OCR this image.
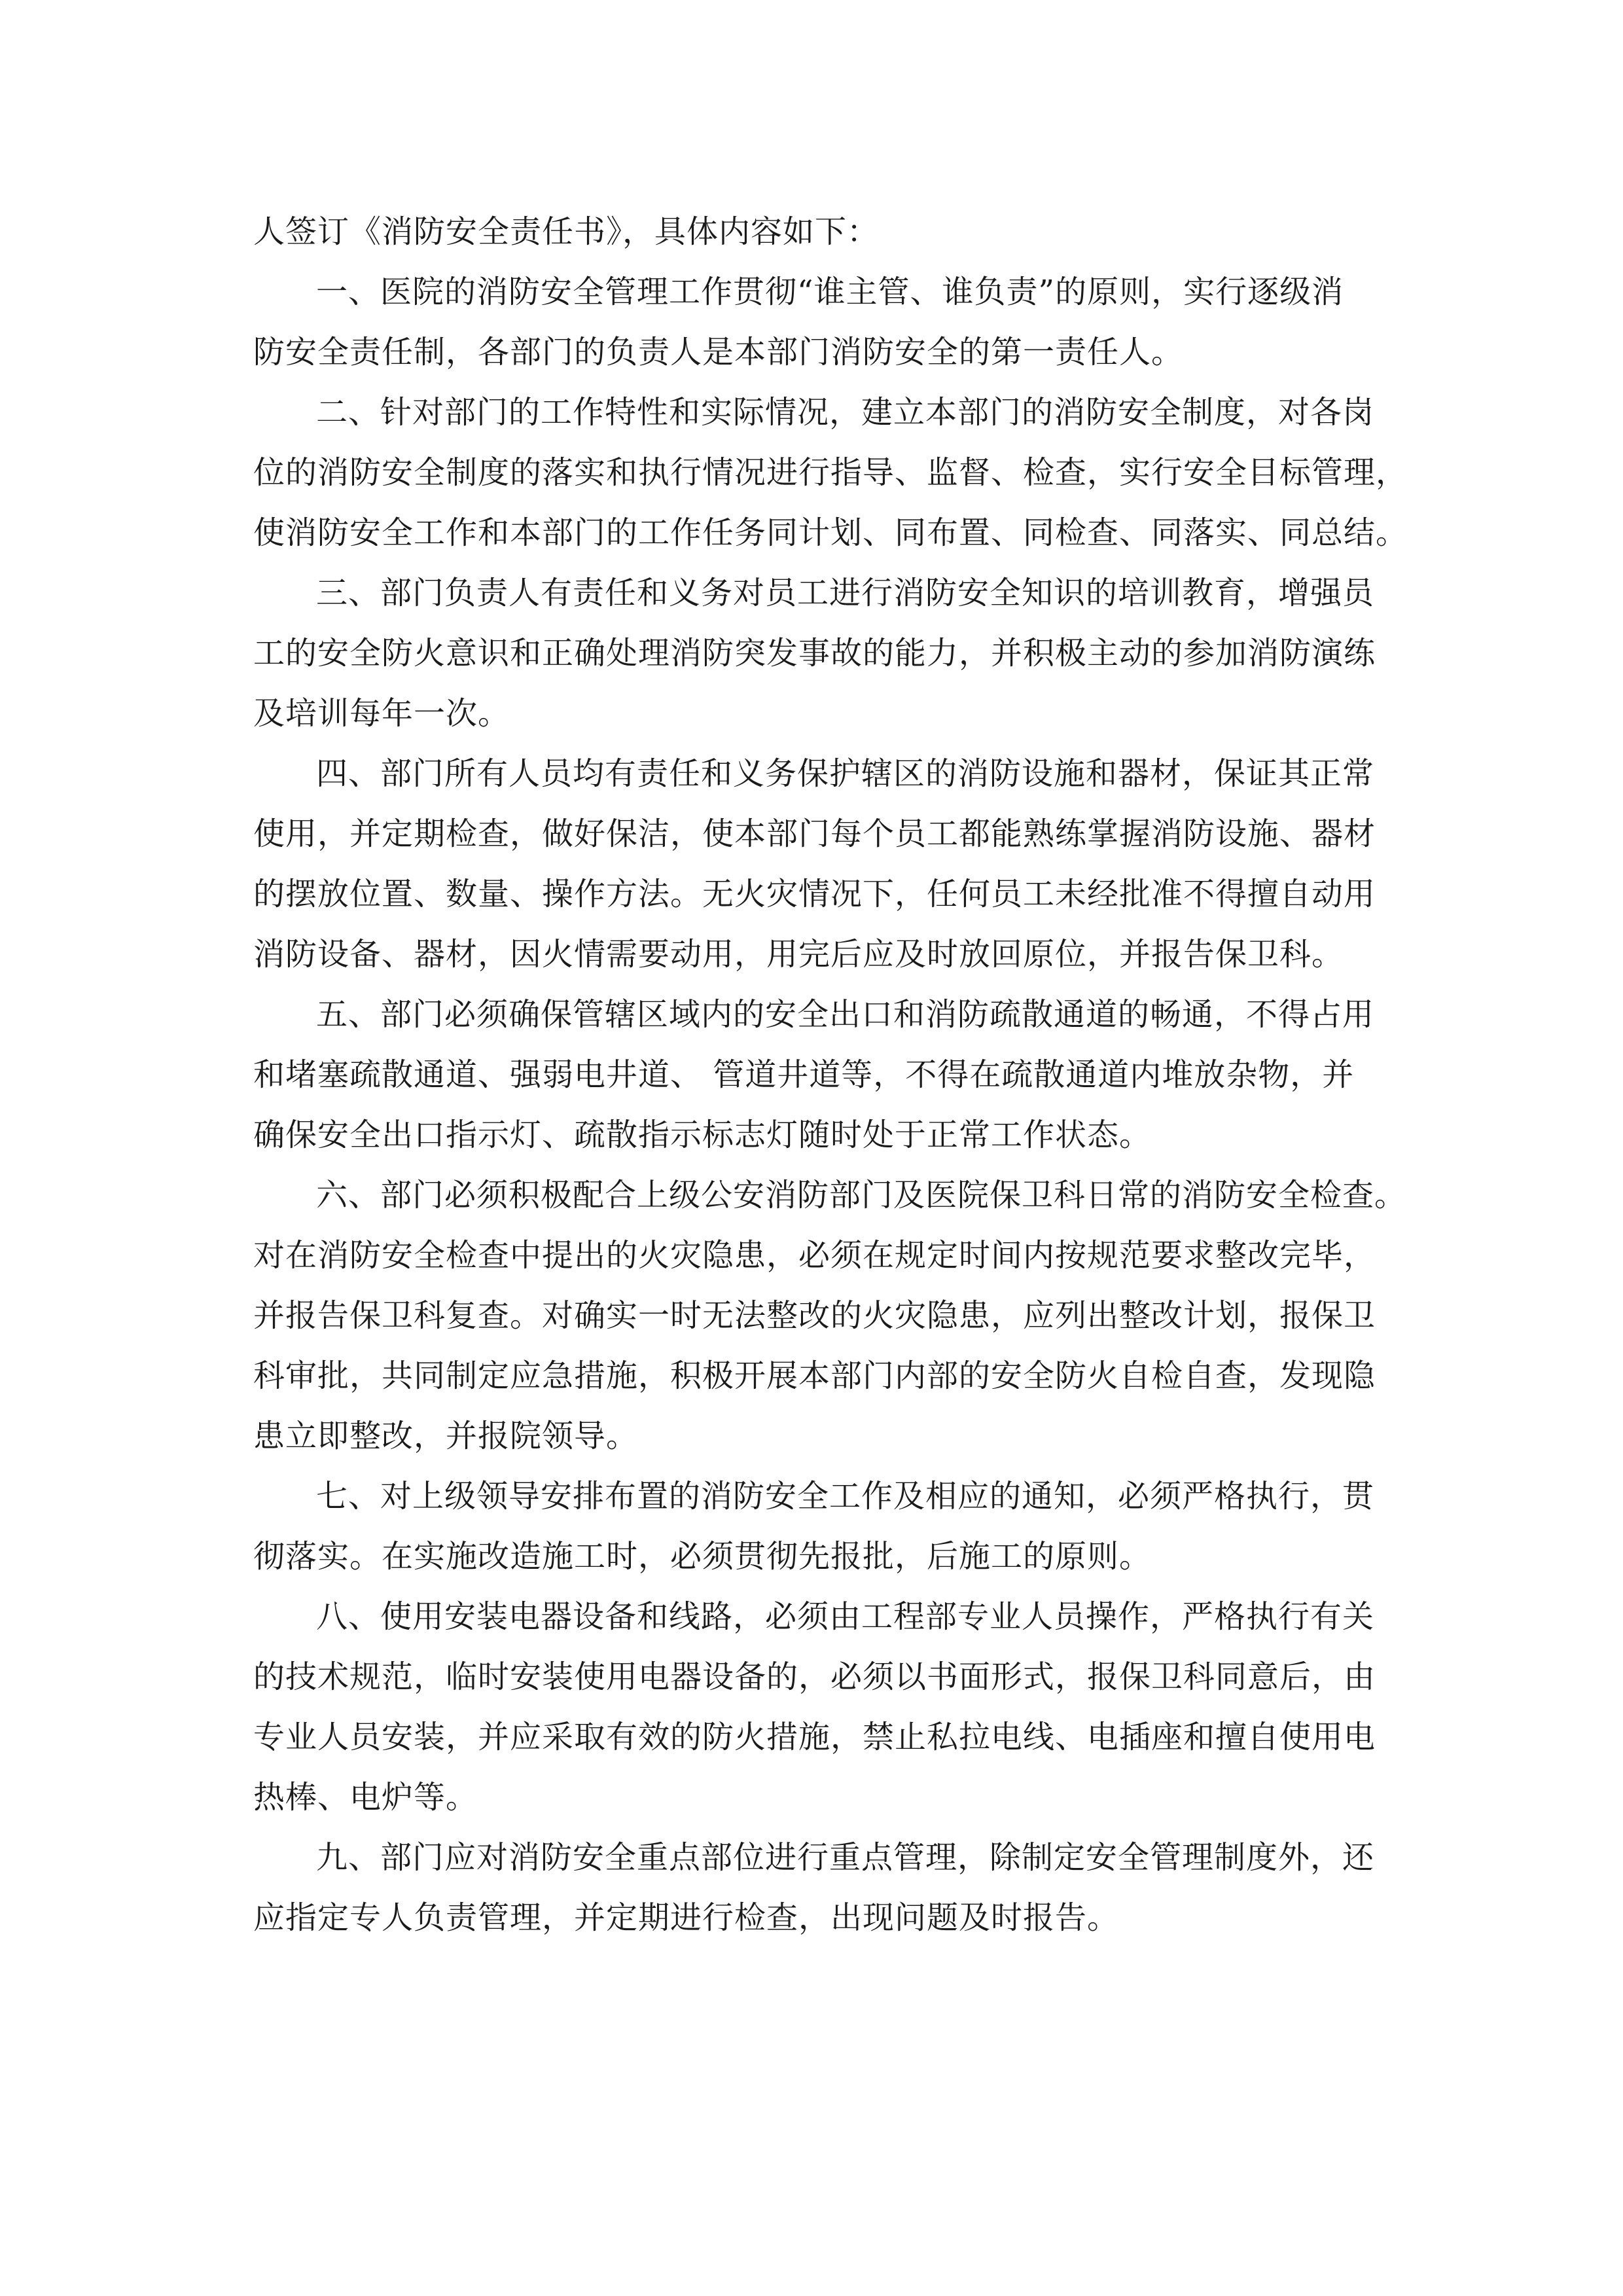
人签订《消防安全责任书》，具体内容如下：
一、医院的消防安全管理工作贯彻“谁主管、谁负责”的原则，实行逐级消
防安全责任制，各部门的负责人是本部门消防安全的第一责任人。
二、针对部门的工作特性和实际情况，建立本部门的消防安全制度，对各岗
位的消防安全制度的落实和执行情况进行指导、监督、检查，实行安全目标管理，
使消防安全工作和本部门的工作任务同计划、同布置、同检查、同落实、同总结。
三、部门负责人有责任和义务对员工进行消防安全知识的培训教育，增强员
工的安全防火意识和正确处理消防突发事故的能力，并积极主动的参加消防演练
及培训每年一次。
四、部门所有人员均有责任和义务保护辖区的消防设施和器材，保证其正常
使用，并定期检查，做好保洁，使本部门每个员工都能熟练掌握消防设施、器材
的摆放位置、数量、操作方法。无火灾情况下，任何员工未经批准不得擅自动用
消防设备、器材，因火情需要动用，用完后应及时放回原位，并报告保卫科。
五、部门必须确保管辖区域内的安全出口和消防疏散通道的畅通，不得占用
和堵塞疏散通道、强弱电井道、 管道井道等，不得在疏散通道内堆放杂物，并
确保安全出口指示灯、疏散指示标志灯随时处于正常工作状态。
六、部门必须积极配合上级公安消防部门及医院保卫科日常的消防安全检查。
对在消防安全检查中提出的火灾隐患，必须在规定时间内按规范要求整改完毕，
并报告保卫科复查。对确实一时无法整改的火灾隐患，应列出整改计划，报保卫
科审批，共同制定应急措施，积极开展本部门内部的安全防火自检自查，发现隐
患立即整改，并报院领导。
七、对上级领导安排布置的消防安全工作及相应的通知，必须严格执行，贯
彻落实。在实施改造施工时，必须贯彻先报批，后施工的原则。
八、使用安装电器设备和线路，必须由工程部专业人员操作，严格执行有关
的技术规范，临时安装使用电器设备的，必须以书面形式，报保卫科同意后，由
专业人员安装，并应采取有效的防火措施，禁止私拉电线、电插座和擅自使用电
热棒、电炉等。
九、部门应对消防安全重点部位进行重点管理，除制定安全管理制度外，还
应指定专人负责管理，并定期进行检查，出现问题及时报告。
